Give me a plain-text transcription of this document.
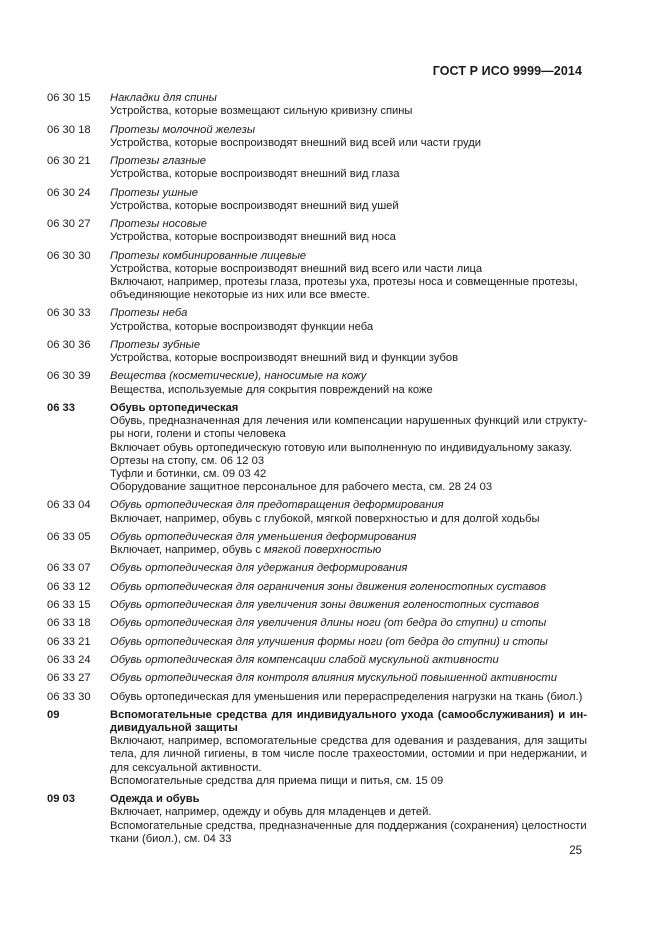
ГОСТ Р ИСО 9999—2014
06 30 15	Накладки для спины
Устройства, которые возмещают сильную кривизну спины
06 30 18	Протезы молочной железы
Устройства, которые воспроизводят внешний вид всей или части груди
06 30 21	Протезы глазные
Устройства, которые воспроизводят внешний вид глаза
06 30 24	Протезы ушные
Устройства, которые воспроизводят внешний вид ушей
06 30 27	Протезы носовые
Устройства, которые воспроизводят внешний вид носа
06 30 30	Протезы комбинированные лицевые
Устройства, которые воспроизводят внешний вид всего или части лица
Включают, например, протезы глаза, протезы уха, протезы носа и совмещенные протезы,
объединяющие некоторые из них или все вместе.
06 30 33	Протезы неба
Устройства, которые воспроизводят функции неба
06 30 36	Протезы зубные
Устройства, которые воспроизводят внешний вид и функции зубов
06 30 39	Вещества (косметические), наносимые на кожу
Вещества, используемые для сокрытия повреждений на коже
06 33	Обувь ортопедическая
Обувь, предназначенная для лечения или компенсации нарушенных функций или структу-
ры ноги, голени и стопы человека
Включает обувь ортопедическую готовую или выполненную по индивидуальному заказу.
Ортезы на стопу, см. 06 12 03
Туфли и ботинки, см. 09 03 42
Оборудование защитное персональное для рабочего места, см. 28 24 03
06 33 04	Обувь ортопедическая для предотвращения деформирования
Включает, например, обувь с глубокой, мягкой поверхностью и для долгой ходьбы
06 33 05	Обувь ортопедическая для уменьшения деформирования
Включает, например, обувь с мягкой поверхностью
06 33 07	Обувь ортопедическая для удержания деформирования
06 33 12	Обувь ортопедическая для ограничения зоны движения голеностопных суставов
06 33 15	Обувь ортопедическая для увеличения зоны движения голеностопных суставов
06 33 18	Обувь ортопедическая для увеличения длины ноги (от бедра до ступни) и стопы
06 33 21	Обувь ортопедическая для улучшения формы ноги (от бедра до ступни) и стопы
06 33 24	Обувь ортопедическая для компенсации слабой мускульной активности
06 33 27	Обувь ортопедическая для контроля влияния мускульной повышенной активности
06 33 30	Обувь ортопедическая для уменьшения или перераспределения нагрузки на ткань (биол.)
09	Вспомогательные средства для индивидуального ухода (самообслуживания) и ин-
дивидуальной защиты
Включают, например, вспомогательные средства для одевания и раздевания, для защиты
тела, для личной гигиены, в том числе после трахеостомии, остомии и при недержании, и
для сексуальной активности.
Вспомогательные средства для приема пищи и питья, см. 15 09
09 03	Одежда и обувь
Включает, например, одежду и обувь для младенцев и детей.
Вспомогательные средства, предназначенные для поддержания (сохранения) целостности
ткани (биол.), см. 04 33
25
